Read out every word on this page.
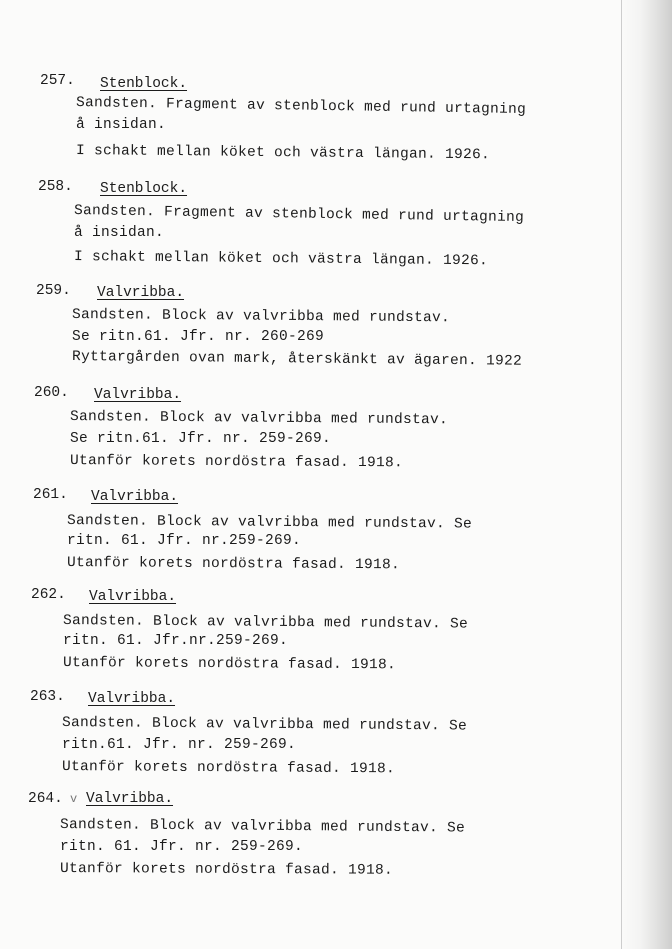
257. Stenblock.
Sandsten. Fragment av stenblock med rund urtagning
å insidan.
I schakt mellan köket och västra längan. 1926.
258. Stenblock.
Sandsten. Fragment av stenblock med rund urtagning
å insidan.
I schakt mellan köket och västra längan. 1926.
259. Valvribba.
Sandsten. Block av valvribba med rundstav.
Se ritn.61. Jfr. nr. 260-269
Ryttargården ovan mark, återskänkt av ägaren. 1922
260. Valvribba.
Sandsten. Block av valvribba med rundstav.
Se ritn.61. Jfr. nr. 259-269.
Utanför korets nordöstra fasad. 1918.
261. Valvribba.
Sandsten. Block av valvribba med rundstav. Se
ritn. 61. Jfr. nr.259-269.
Utanför korets nordöstra fasad. 1918.
262. Valvribba.
Sandsten. Block av valvribba med rundstav. Se
ritn. 61. Jfr.nr.259-269.
Utanför korets nordöstra fasad. 1918.
263. Valvribba.
Sandsten. Block av valvribba med rundstav. Se
ritn.61. Jfr. nr. 259-269.
Utanför korets nordöstra fasad. 1918.
264. v Valvribba.
Sandsten. Block av valvribba med rundstav. Se
ritn. 61. Jfr. nr. 259-269.
Utanför korets nordöstra fasad. 1918.
